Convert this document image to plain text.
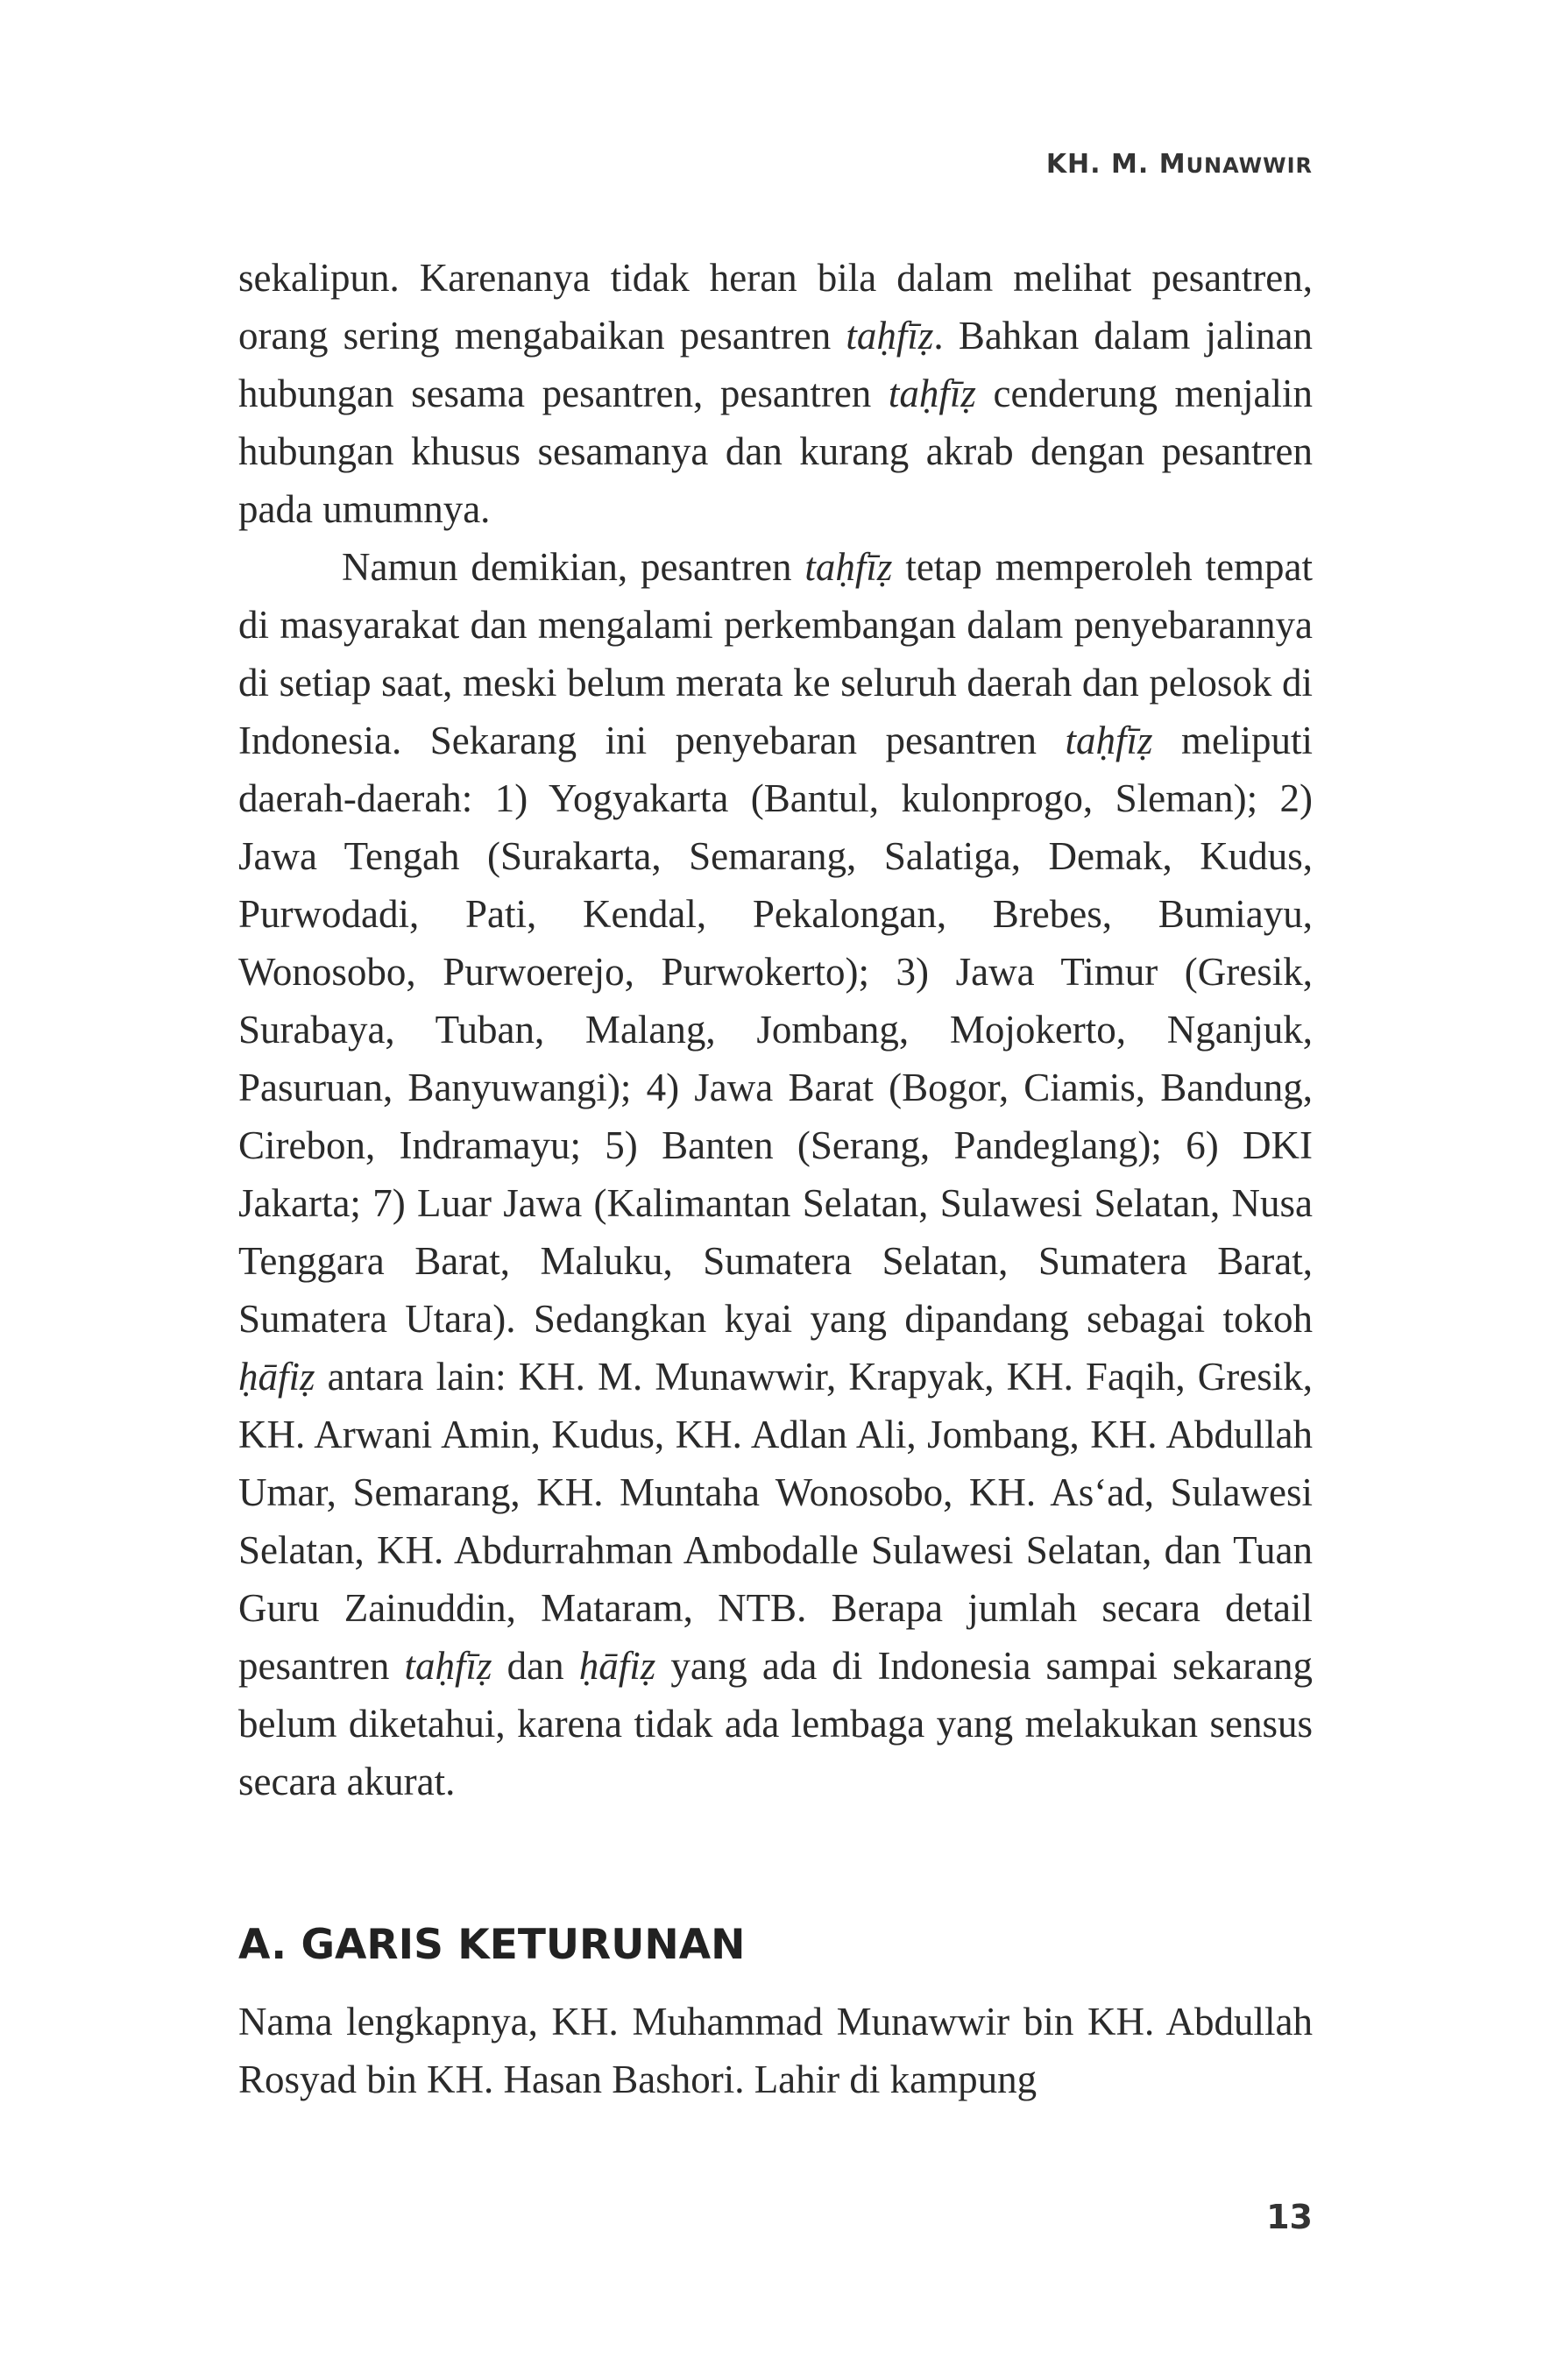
KH. M. MUNAWWIR

sekalipun. Karenanya tidak heran bila dalam melihat pesantren, orang sering mengabaikan pesantren taḥfīẓ. Bahkan dalam jalinan hubungan sesama pesantren, pesantren taḥfīẓ cenderung menjalin hubungan khusus sesamanya dan kurang akrab dengan pesantren pada umumnya.

Namun demikian, pesantren taḥfīẓ tetap memperoleh tempat di masyarakat dan mengalami perkembangan dalam penyebarannya di setiap saat, meski belum merata ke seluruh daerah dan pelosok di Indonesia. Sekarang ini penyebaran pesantren taḥfīẓ meliputi daerah-daerah: 1) Yogyakarta (Bantul, kulonprogo, Sleman); 2) Jawa Tengah (Surakarta, Semarang, Salatiga, Demak, Kudus, Purwodadi, Pati, Kendal, Pekalongan, Brebes, Bumiayu, Wonosobo, Purwoerejo, Purwokerto); 3) Jawa Timur (Gresik, Surabaya, Tuban, Malang, Jombang, Mojokerto, Nganjuk, Pasuruan, Banyuwangi); 4) Jawa Barat (Bogor, Ciamis, Bandung, Cirebon, Indramayu; 5) Banten (Serang, Pandeglang); 6) DKI Jakarta; 7) Luar Jawa (Kalimantan Selatan, Sulawesi Selatan, Nusa Tenggara Barat, Maluku, Sumatera Selatan, Sumatera Barat, Sumatera Utara). Sedangkan kyai yang dipandang sebagai tokoh ḥāfiẓ antara lain: KH. M. Munawwir, Krapyak, KH. Faqih, Gresik, KH. Arwani Amin, Kudus, KH. Adlan Ali, Jombang, KH. Abdullah Umar, Semarang, KH. Muntaha Wonosobo, KH. As‘ad, Sulawesi Selatan, KH. Abdurrahman Ambodalle Sulawesi Selatan, dan Tuan Guru Zainuddin, Mataram, NTB. Berapa jumlah secara detail pesantren taḥfīẓ dan ḥāfiẓ yang ada di Indonesia sampai sekarang belum diketahui, karena tidak ada lembaga yang melakukan sensus secara akurat.

A. GARIS KETURUNAN

Nama lengkapnya, KH. Muhammad Munawwir bin KH. Abdullah Rosyad bin KH. Hasan Bashori. Lahir di kampung

13
